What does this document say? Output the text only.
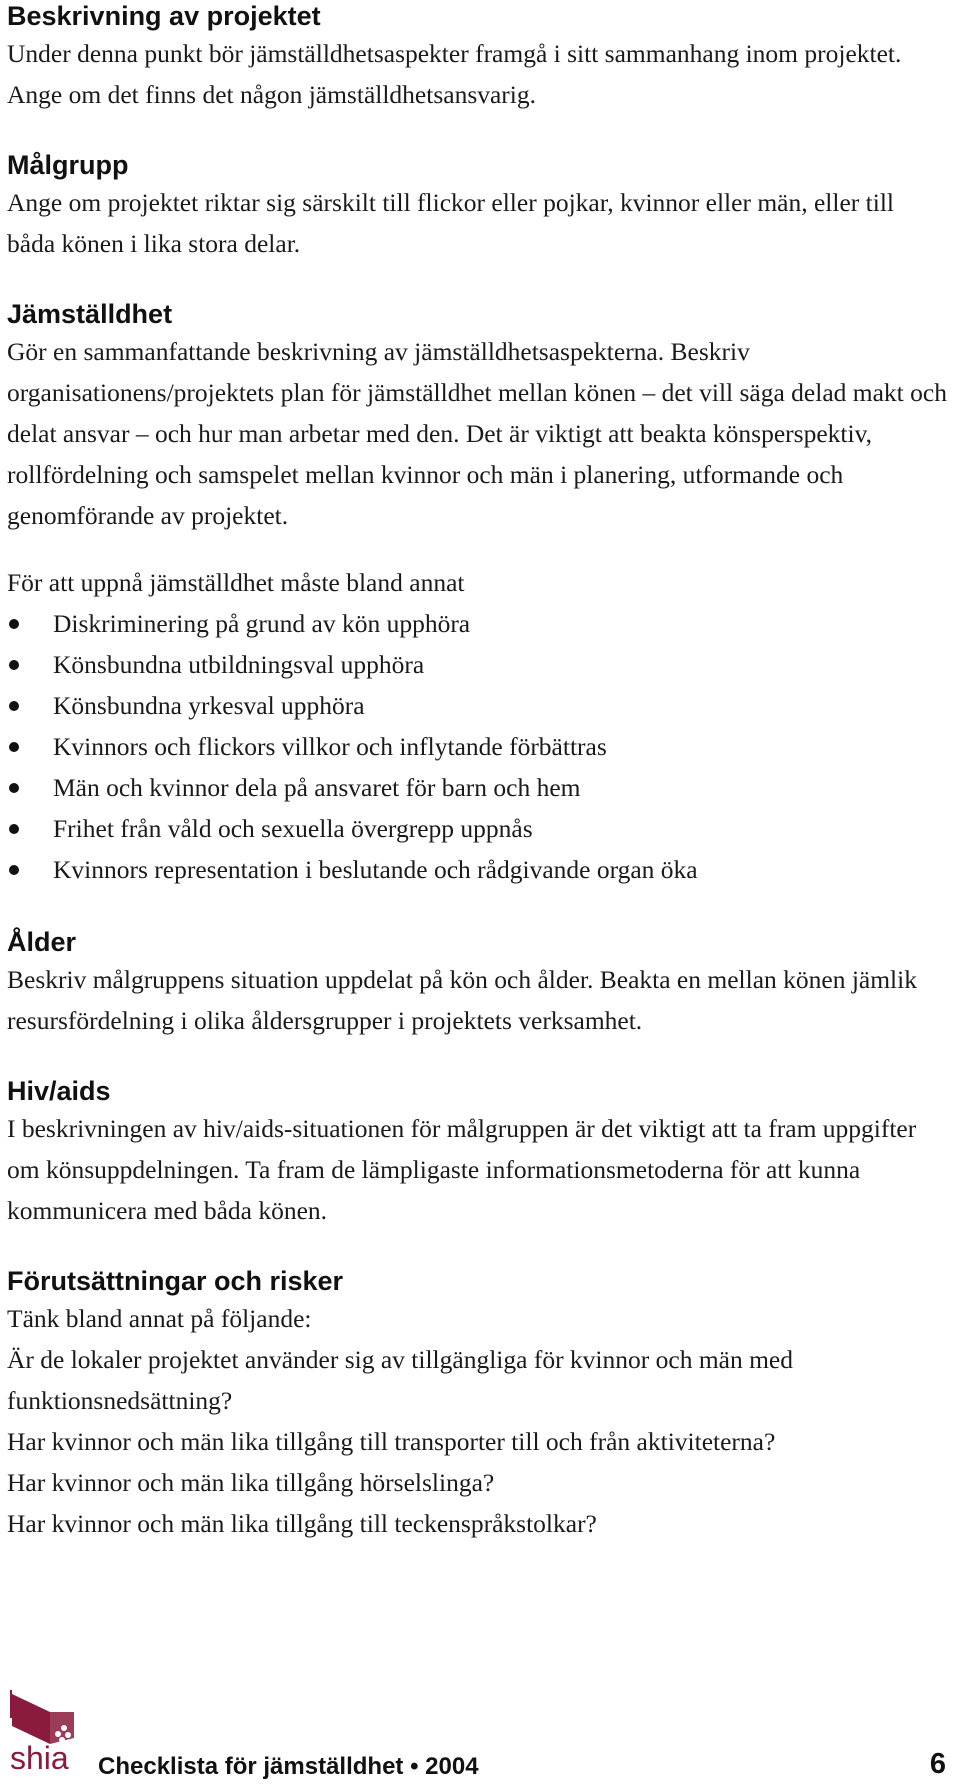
Beskrivning av projektet

Under denna punkt bör jämställdhetsaspekter framgå i sitt sammanhang inom projektet. Ange om det finns det någon jämställdhetsansvarig.

Målgrupp

Ange om projektet riktar sig särskilt till flickor eller pojkar, kvinnor eller män, eller till båda könen i lika stora delar.

Jämställdhet

Gör en sammanfattande beskrivning av jämställdhetsaspekterna. Beskriv organisationens/projektets plan för jämställdhet mellan könen – det vill säga delad makt och delat ansvar – och hur man arbetar med den. Det är viktigt att beakta könsperspektiv, rollfördelning och samspelet mellan kvinnor och män i planering, utformande och genomförande av projektet.

För att uppnå jämställdhet måste bland annat

Diskriminering på grund av kön upphöra
Könsbundna utbildningsval upphöra
Könsbundna yrkesval upphöra
Kvinnors och flickors villkor och inflytande förbättras
Män och kvinnor dela på ansvaret för barn och hem
Frihet från våld och sexuella övergrepp uppnås
Kvinnors representation i beslutande och rådgivande organ öka
Ålder

Beskriv målgruppens situation uppdelat på kön och ålder. Beakta en mellan könen jämlik resursfördelning i olika åldersgrupper i projektets verksamhet.

Hiv/aids

I beskrivningen av hiv/aids-situationen för målgruppen är det viktigt att ta fram uppgifter om könsuppdelningen. Ta fram de lämpligaste informationsmetoderna för att kunna kommunicera med båda könen.

Förutsättningar och risker

Tänk bland annat på följande:

Är de lokaler projektet använder sig av tillgängliga för kvinnor och män med funktionsnedsättning?

Har kvinnor och män lika tillgång till transporter till och från aktiviteterna?

Har kvinnor och män lika tillgång hörselslinga?

Har kvinnor och män lika tillgång till teckenspråkstolkar?

shia Checklista för jämställdhet • 2004	6
